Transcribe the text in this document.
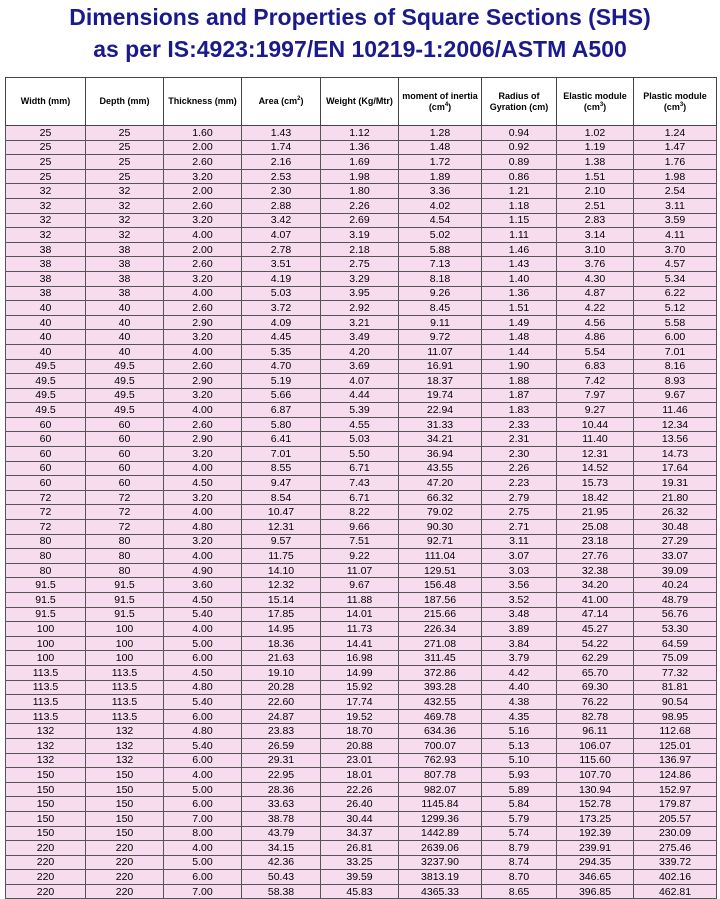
Dimensions and Properties of Square Sections (SHS)
as per IS:4923:1997/EN 10219-1:2006/ASTM A500
Width (mm)	Depth (mm)	Thickness (mm)	Area $(cm^2)$	Weight (Kg/Mtr)	moment of inertia $(cm^4)$	Radius of Gyration (cm)	Elastic module $(cm^3)$	Plastic module $(cm^3)$
25	25	1.60	1.43	1.12	1.28	0.94	1.02	1.24
25	25	2.00	1.74	1.36	1.48	0.92	1.19	1.47
25	25	2.60	2.16	1.69	1.72	0.89	1.38	1.76
25	25	3.20	2.53	1.98	1.89	0.86	1.51	1.98
32	32	2.00	2.30	1.80	3.36	1.21	2.10	2.54
32	32	2.60	2.88	2.26	4.02	1.18	2.51	3.11
32	32	3.20	3.42	2.69	4.54	1.15	2.83	3.59
32	32	4.00	4.07	3.19	5.02	1.11	3.14	4.11
38	38	2.00	2.78	2.18	5.88	1.46	3.10	3.70
38	38	2.60	3.51	2.75	7.13	1.43	3.76	4.57
38	38	3.20	4.19	3.29	8.18	1.40	4.30	5.34
38	38	4.00	5.03	3.95	9.26	1.36	4.87	6.22
40	40	2.60	3.72	2.92	8.45	1.51	4.22	5.12
40	40	2.90	4.09	3.21	9.11	1.49	4.56	5.58
40	40	3.20	4.45	3.49	9.72	1.48	4.86	6.00
40	40	4.00	5.35	4.20	11.07	1.44	5.54	7.01
49.5	49.5	2.60	4.70	3.69	16.91	1.90	6.83	8.16
49.5	49.5	2.90	5.19	4.07	18.37	1.88	7.42	8.93
49.5	49.5	3.20	5.66	4.44	19.74	1.87	7.97	9.67
49.5	49.5	4.00	6.87	5.39	22.94	1.83	9.27	11.46
60	60	2.60	5.80	4.55	31.33	2.33	10.44	12.34
60	60	2.90	6.41	5.03	34.21	2.31	11.40	13.56
60	60	3.20	7.01	5.50	36.94	2.30	12.31	14.73
60	60	4.00	8.55	6.71	43.55	2.26	14.52	17.64
60	60	4.50	9.47	7.43	47.20	2.23	15.73	19.31
72	72	3.20	8.54	6.71	66.32	2.79	18.42	21.80
72	72	4.00	10.47	8.22	79.02	2.75	21.95	26.32
72	72	4.80	12.31	9.66	90.30	2.71	25.08	30.48
80	80	3.20	9.57	7.51	92.71	3.11	23.18	27.29
80	80	4.00	11.75	9.22	111.04	3.07	27.76	33.07
80	80	4.90	14.10	11.07	129.51	3.03	32.38	39.09
91.5	91.5	3.60	12.32	9.67	156.48	3.56	34.20	40.24
91.5	91.5	4.50	15.14	11.88	187.56	3.52	41.00	48.79
91.5	91.5	5.40	17.85	14.01	215.66	3.48	47.14	56.76
100	100	4.00	14.95	11.73	226.34	3.89	45.27	53.30
100	100	5.00	18.36	14.41	271.08	3.84	54.22	64.59
100	100	6.00	21.63	16.98	311.45	3.79	62.29	75.09
113.5	113.5	4.50	19.10	14.99	372.86	4.42	65.70	77.32
113.5	113.5	4.80	20.28	15.92	393.28	4.40	69.30	81.81
113.5	113.5	5.40	22.60	17.74	432.55	4.38	76.22	90.54
113.5	113.5	6.00	24.87	19.52	469.78	4.35	82.78	98.95
132	132	4.80	23.83	18.70	634.36	5.16	96.11	112.68
132	132	5.40	26.59	20.88	700.07	5.13	106.07	125.01
132	132	6.00	29.31	23.01	762.93	5.10	115.60	136.97
150	150	4.00	22.95	18.01	807.78	5.93	107.70	124.86
150	150	5.00	28.36	22.26	982.07	5.89	130.94	152.97
150	150	6.00	33.63	26.40	1145.84	5.84	152.78	179.87
150	150	7.00	38.78	30.44	1299.36	5.79	173.25	205.57
150	150	8.00	43.79	34.37	1442.89	5.74	192.39	230.09
220	220	4.00	34.15	26.81	2639.06	8.79	239.91	275.46
220	220	5.00	42.36	33.25	3237.90	8.74	294.35	339.72
220	220	6.00	50.43	39.59	3813.19	8.70	346.65	402.16
220	220	7.00	58.38	45.83	4365.33	8.65	396.85	462.81
